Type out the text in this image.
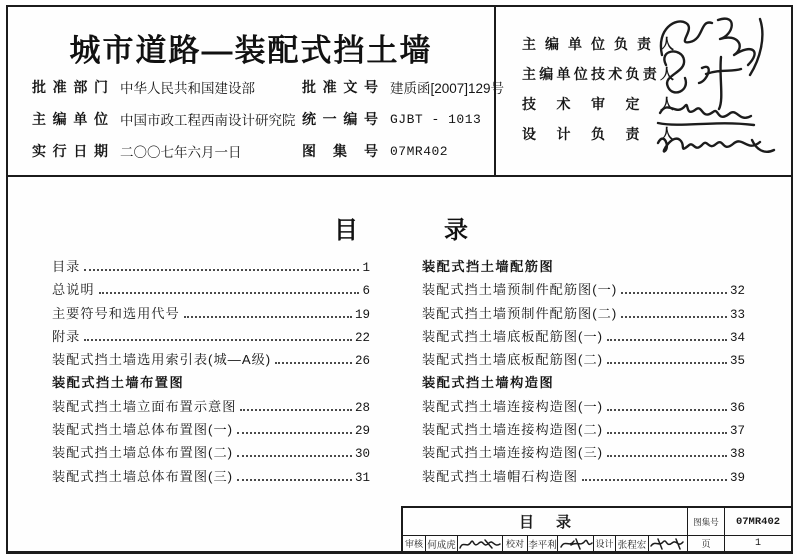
城市道路—装配式挡土墙
批准部门 中华人民共和国建设部	批准文号 建质函[2007]129号
主编单位 中国市政工程西南设计研究院 统一编号 GJBT - 1013
实行日期 二〇〇七年六月一日	图集号 07MR402
主编单位负责人
主编单位技术负责人
技术审定人
设计负责人
目录
目录	1
总说明	6
主要符号和选用代号	19
附录	22
装配式挡土墙选用索引表(城—A级)	26
装配式挡土墙布置图
装配式挡土墙立面布置示意图	28
装配式挡土墙总体布置图(一)	29
装配式挡土墙总体布置图(二)	30
装配式挡土墙总体布置图(三)	31
装配式挡土墙配筋图
装配式挡土墙预制件配筋图(一)	32
装配式挡土墙预制件配筋图(二)	33
装配式挡土墙底板配筋图(一)	34
装配式挡土墙底板配筋图(二)	35
装配式挡土墙构造图
装配式挡土墙连接构造图(一)	36
装配式挡土墙连接构造图(二)	37
装配式挡土墙连接构造图(三)	38
装配式挡土墙帽石构造图	39
目录	图集号	07MR402
审核 何成虎	校对 李平利	设计 张程宏	页	1
